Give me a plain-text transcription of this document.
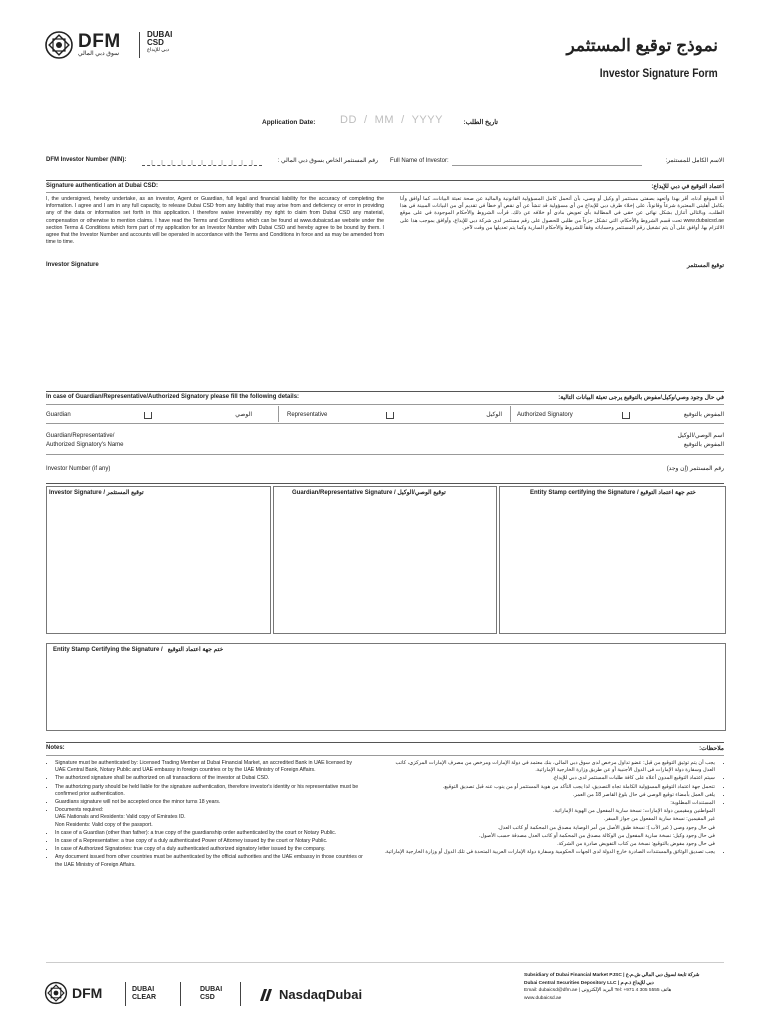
DFM
سوق دبي المالي
DUBAI
CSD
دبي للإيداع	نموذج توقيع المستثمر
Investor Signature Form
Application Date: DD  /  MM  /  YYYY	تاريخ الطلب:
DFM Investor Number (NIN):	رقم المستثمر الخاص بسوق دبي المالي : Full Name of Investor:	الاسم الكامل للمستثمر:
Signature authentication at Dubai CSD:	اعتماد التوقيع في دبي للإيداع:
I, the undersigned, hereby undertake, as an investor, Agent or Guardian, full legal and financial liability for the accuracy of completing the information. I agree and I am in any full capacity, to release Dubai CSD from any liability that may arise from and deficiency or error in providing any of the data or information set forth in this application. I therefore waive irreversibly my right to claim from Dubai CSD any material, compensation or otherwise to mention claims. I have read the Terms and Conditions which can be found at www.dubaicsd.ae website under the section Terms & Conditions which form part of my application for an Investor Number with Dubai CSD and hereby agree to be bound by them. I agree that the Investor Number and accounts will be operated in accordance with the Terms and Conditions in force and as may be amended from time to time.
أنا الموقع أدناه، أقر بهذا وأتعهد بصفتي مستثمر أو وكيل أو وصي، بأن أتحمل كامل المسؤولية القانونية والمالية عن صحة تعبئة البيانات، كما أوافق وأنا بكامل أهليتي المعتبرة شرعاً وقانوناً، على إخلاء طرف دبي للإيداع من أي مسؤولية قد تنشأ عن أي نقص أو خطأ في تقديم أي من البيانات المبينة في هذا الطلب، وبالتالي أتنازل بشكل نهائي عن حقي في المطالبة بأي تعويض مادي أو خلافه عن ذلك. قرأت الشروط والأحكام الموجودة في على موقع www.dubaicsd.ae تحت قسم الشروط والأحكام، التي تشكل جزءاً من طلبي للحصول على رقم مستثمر لدى شركة دبي للإيداع، وأوافق بموجب هذا على الالتزام بها. أوافق على أن يتم تشغيل رقم المستثمر وحساباته وفقاً للشروط والأحكام السارية وكما يتم تعديلها من وقت لآخر.
Investor Signature	توقيع المستثمر
In case of Guardian/Representative/Authorized Signatory please fill the following details:	في حال وجود وصي/وكيل/مفوض بالتوقيع يرجى تعبئة البيانات التالية:
Guardian	الوصي	Representative	الوكيل	Authorized Signatory	المفوض بالتوقيع
Guardian/Representative/
Authorized Signatory's Name
اسم الوصي/الوكيل
المفوض بالتوقيع
Investor Number (if any)	رقم المستثمر (إن وجد)
Investor Signature / توقيع المستثمر	Guardian/Representative Signature / توقيع الوصي/الوكيل	Entity Stamp certifying the Signature / ختم جهة اعتماد التوقيع
Entity Stamp Certifying the Signature /   ختم جهة اعتماد التوقيع
Notes:	ملاحظات:
• Signature must be authenticated by: Licensed Trading Member at Dubai Financial Market, an accredited Bank in UAE licensed by UAE Central Bank, Notary Public and UAE embassy in foreign countries or by the UAE Ministry of Foreign Affairs.
• The authorized signature shall be authorized on all transactions of the investor at Dubai CSD.
• The authorizing party should be held liable for the signature authentication, therefore investor's identity or his representative must be confirmed prior authentication.
• Guardians signature will not be accepted once the minor turns 18 years.
• Documents required:
UAE Nationals and Residents: Valid copy of Emirates ID.
Non Residents: Valid copy of the passport.
• In case of a Guardian (other than father): a true copy of the guardianship order authenticated by the court or Notary Public.
• In case of a Representative: a true copy of a duly authenticated Power of Attorney issued by the court or Notary Public.
• In case of Authorized Signatories: true copy of a duly authenticated authorized signatory letter issued by the company.
• Any document issued from other countries must be authenticated by the official authorities and the UAE embassy in those countries or the UAE Ministry of Foreign Affairs.
• يجب أن يتم توثيق التوقيع من قبل: عضو تداول مرخص لدى سوق دبي المالي، بنك معتمد في دولة الإمارات ومرخص من مصرف الإمارات المركزي، كاتب العدل وسفارة دولة الإمارات في الدول الأجنبية أو عن طريق وزارة الخارجية الإماراتية.
• سيتم اعتماد التوقيع المدون أعلاه على كافة طلبات المستثمر لدى دبي للإيداع.
• تتحمل جهة اعتماد التوقيع المسؤولية الكاملة تجاه التصديق، لذا يجب التأكد من هوية المستثمر أو من ينوب عنه قبل تصديق التوقيع.
• يلغى العمل بأمضاء توقيع الوصي في حال بلوغ القاصر 18 من العمر.
• المستندات المطلوبة:
المواطنين ومقيمين دولة الإمارات: نسخة سارية المفعول من الهوية الإماراتية.
غير المقيمين: نسخة سارية المفعول من جواز السفر.
في حال وجود وصي ( غير الأب ): نسخة طبق الأصل من أمر الوصاية مصدق من المحكمة أو كاتب العدل.
في حال وجود وكيل: نسخة سارية المفعول من الوكالة مصدق من المحكمة أو كاتب العدل مصدقة حسب الأصول.
في حال وجود مفوض بالتوقيع: نسخة من كتاب التفويض صادرة من الشركة.
• يجب تصديق الوثائق والمستندات الصادرة خارج الدولة لدى الجهات الحكومية وسفارة دولة الإمارات العربية المتحدة في تلك الدول أو وزارة الخارجية الإماراتية.
DFM	DUBAI CLEAR
DUBAI CSD	NasdaqDubai
Subsidiary of Dubai Financial Market PJSC | شركة تابعة لسوق دبي المالي ش.م.ع
Dubai Central Securities Depository LLC | دبي للإيداع ذ.م.م
Email: dubaicsd@dfm.ae | البريد الإلكتروني Tel: +971 4 305 5555 هاتف
www.dubaicsd.ae
